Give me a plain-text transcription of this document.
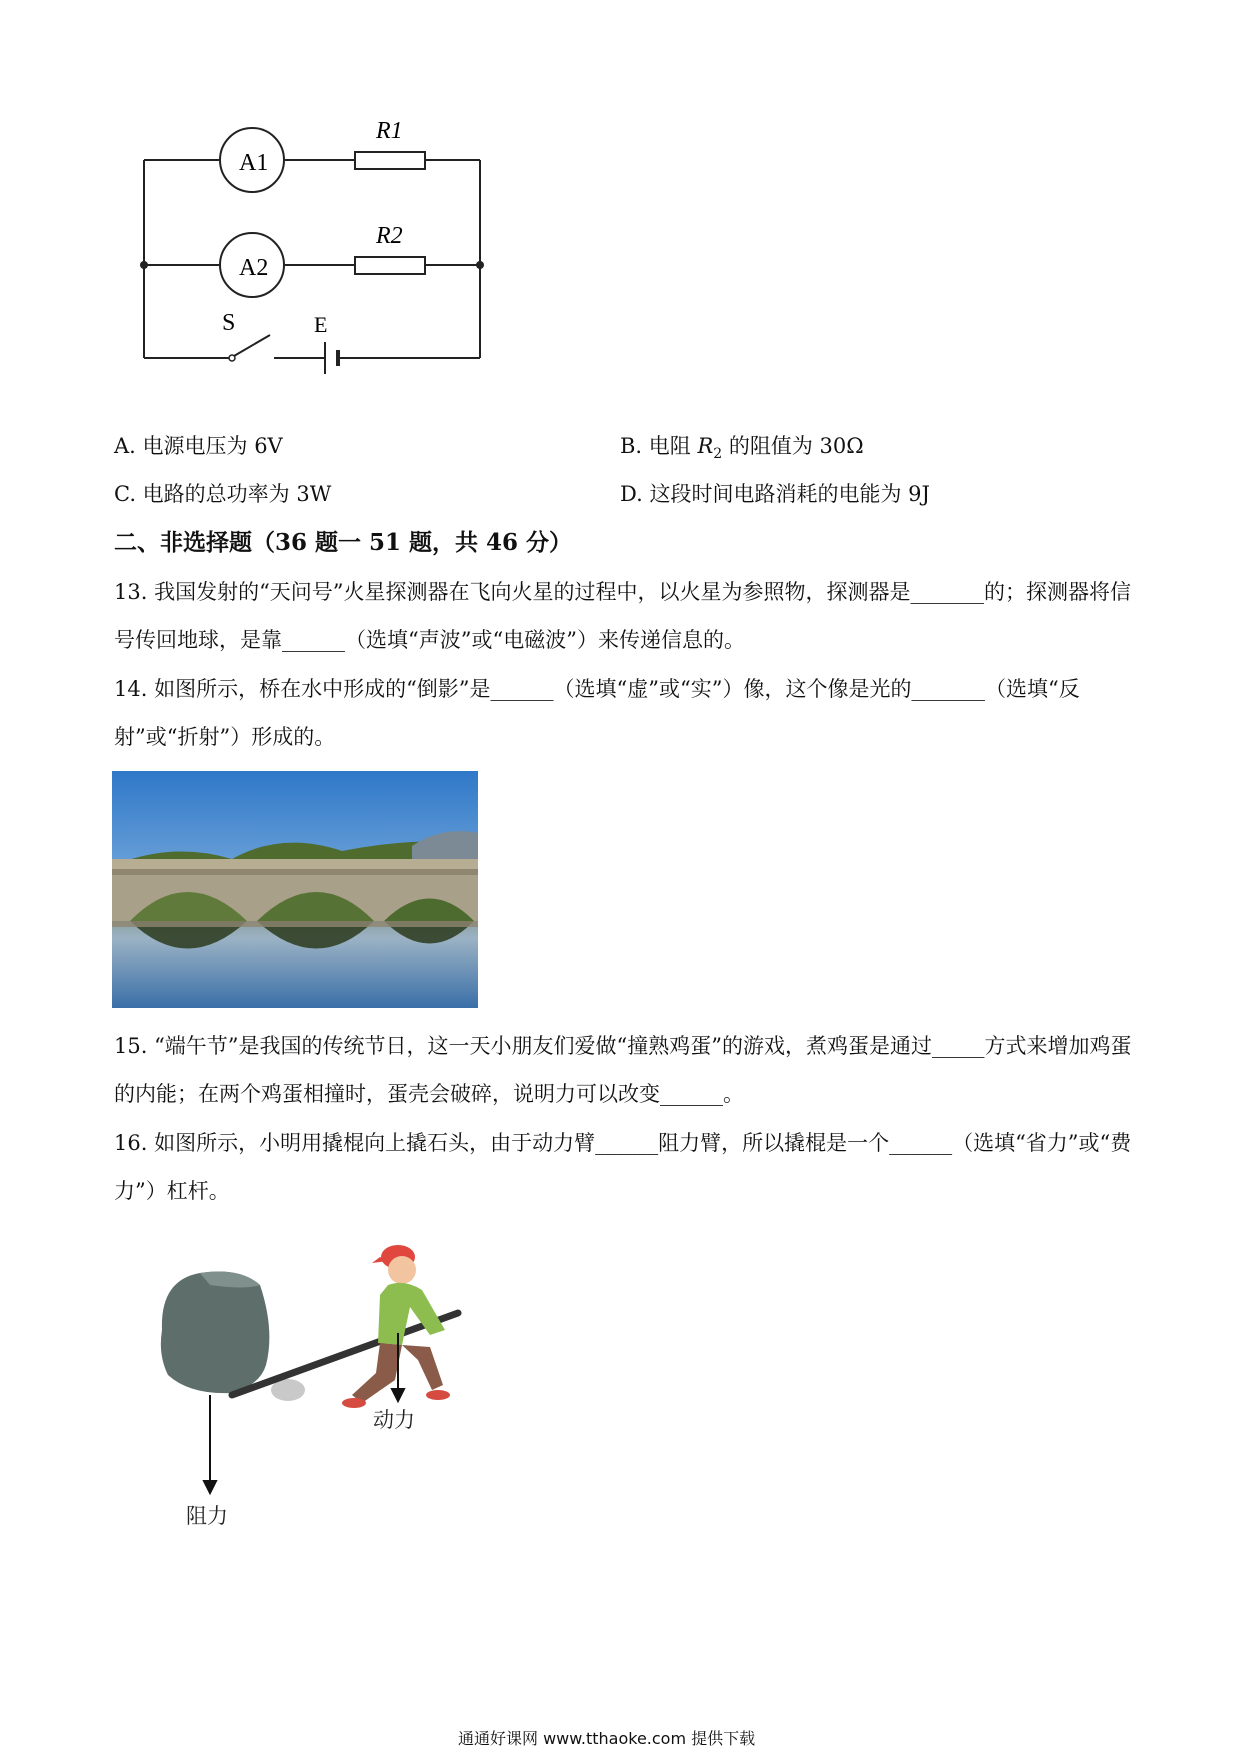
A1
A2
R1
R2
S	E
A. 电源电压为 6V	B. 电阻 $R_2$ 的阻值为 30Ω
C. 电路的总功率为 3W	D. 这段时间电路消耗的电能为 9J
二、非选择题（36 题一 51 题，共 46 分）
13. 我国发射的“天问号”火星探测器在飞向火星的过程中，以火星为参照物，探测器是_______的；探测器将信号传回地球，是靠______（选填“声波”或“电磁波”）来传递信息的。
14. 如图所示，桥在水中形成的“倒影”是______（选填“虚”或“实”）像，这个像是光的_______（选填“反射”或“折射”）形成的。
15. “端午节”是我国的传统节日，这一天小朋友们爱做“撞熟鸡蛋”的游戏，煮鸡蛋是通过_____方式来增加鸡蛋的内能；在两个鸡蛋相撞时，蛋壳会破碎，说明力可以改变______。
16. 如图所示，小明用撬棍向上撬石头，由于动力臂______阻力臂，所以撬棍是一个______（选填“省力”或“费力”）杠杆。
动力
阻力
通通好课网 www.tthaoke.com 提供下载
